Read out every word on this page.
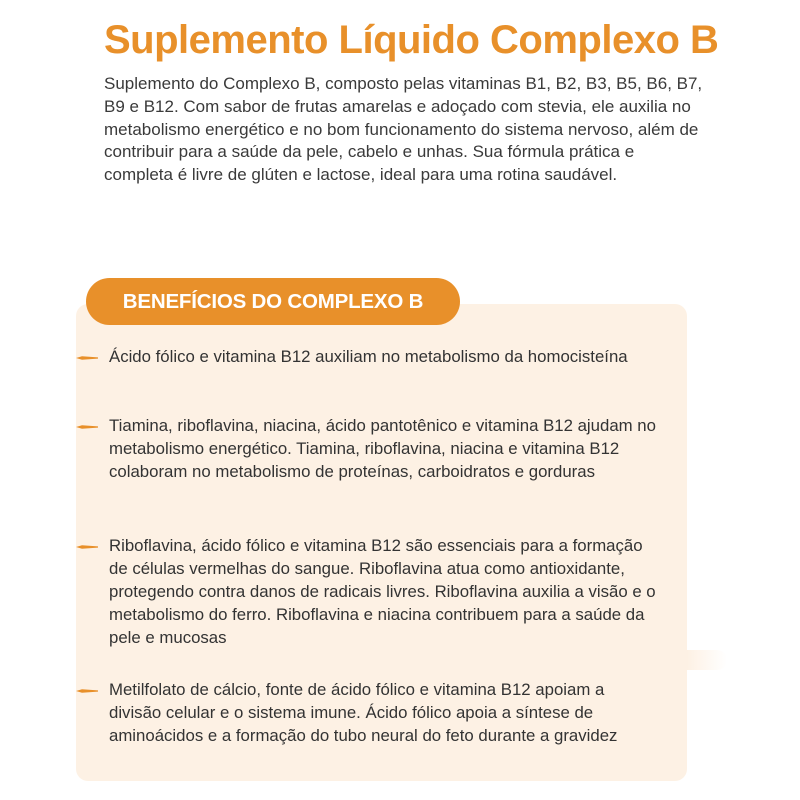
Suplemento Líquido Complexo B

Suplemento do Complexo B, composto pelas vitaminas B1, B2, B3, B5, B6, B7, B9 e B12. Com sabor de frutas amarelas e adoçado com stevia, ele auxilia no metabolismo energético e no bom funcionamento do sistema nervoso, além de contribuir para a saúde da pele, cabelo e unhas. Sua fórmula prática e completa é livre de glúten e lactose, ideal para uma rotina saudável.

BENEFÍCIOS DO COMPLEXO B
Ácido fólico e vitamina B12 auxiliam no metabolismo da homocisteína
Tiamina, riboflavina, niacina, ácido pantotênico e vitamina B12 ajudam no metabolismo energético. Tiamina, riboflavina, niacina e vitamina B12 colaboram no metabolismo de proteínas, carboidratos e gorduras
Riboflavina, ácido fólico e vitamina B12 são essenciais para a formação de células vermelhas do sangue. Riboflavina atua como antioxidante, protegendo contra danos de radicais livres. Riboflavina auxilia a visão e o metabolismo do ferro. Riboflavina e niacina contribuem para a saúde da pele e mucosas
Metilfolato de cálcio, fonte de ácido fólico e vitamina B12 apoiam a divisão celular e o sistema imune. Ácido fólico apoia a síntese de aminoácidos e a formação do tubo neural do feto durante a gravidez
